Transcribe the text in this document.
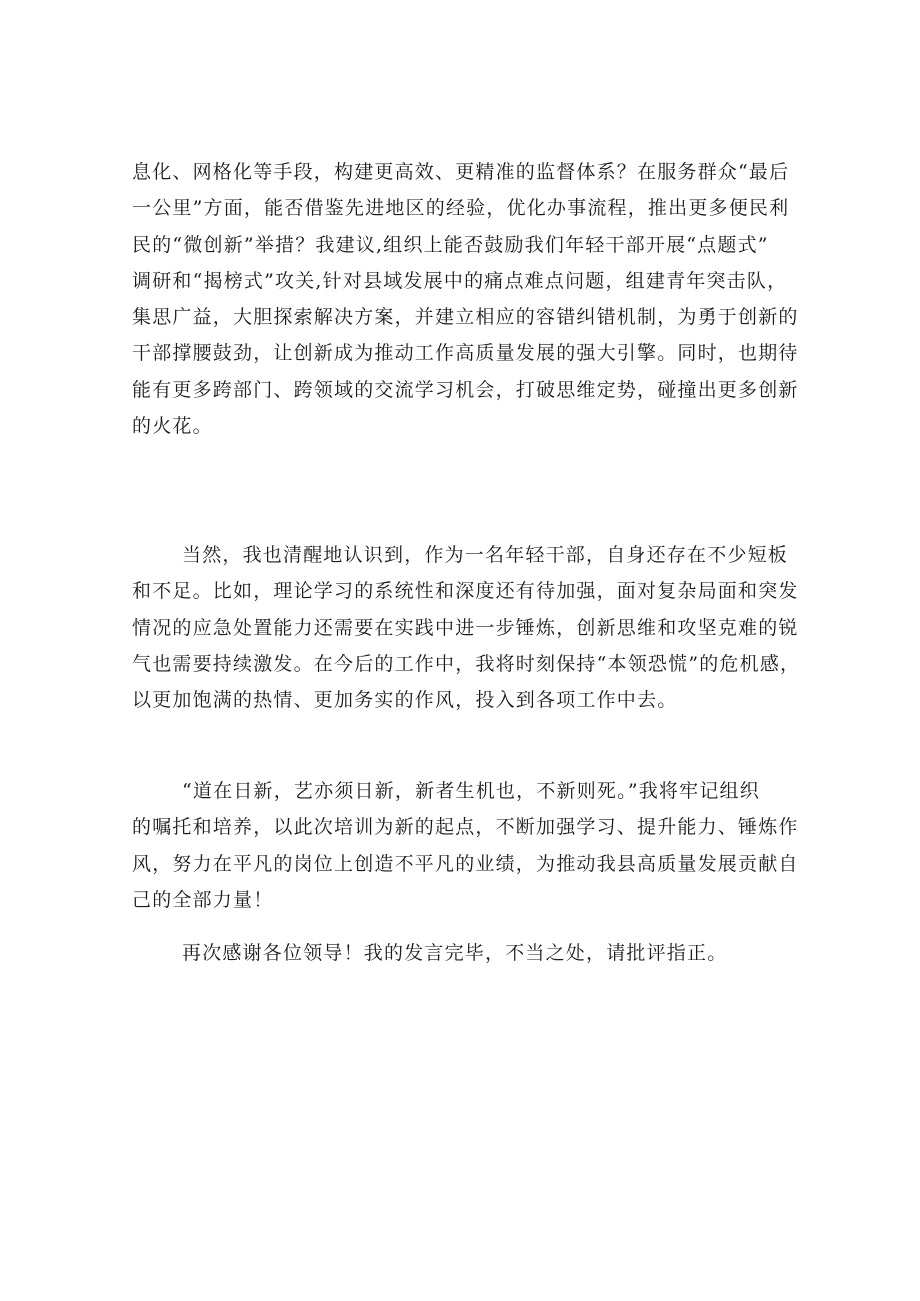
息化、网格化等手段，构建更高效、更精准的监督体系？在服务群众“最后
一公里”方面，能否借鉴先进地区的经验，优化办事流程，推出更多便民利
民的“微创新”举措？我建议,组织上能否鼓励我们年轻干部开展“点题式”
调研和“揭榜式”攻关,针对县域发展中的痛点难点问题，组建青年突击队，
集思广益，大胆探索解决方案，并建立相应的容错纠错机制，为勇于创新的
干部撑腰鼓劲，让创新成为推动工作高质量发展的强大引擎。同时，也期待
能有更多跨部门、跨领域的交流学习机会，打破思维定势，碰撞出更多创新
的火花。
当然，我也清醒地认识到，作为一名年轻干部，自身还存在不少短板
和不足。比如，理论学习的系统性和深度还有待加强，面对复杂局面和突发
情况的应急处置能力还需要在实践中进一步锤炼，创新思维和攻坚克难的锐
气也需要持续激发。在今后的工作中，我将时刻保持“本领恐慌”的危机感，
以更加饱满的热情、更加务实的作风，投入到各项工作中去。
“道在日新，艺亦须日新，新者生机也，不新则死。”我将牢记组织
的嘱托和培养，以此次培训为新的起点，不断加强学习、提升能力、锤炼作
风，努力在平凡的岗位上创造不平凡的业绩，为推动我县高质量发展贡献自
己的全部力量！
再次感谢各位领导！我的发言完毕，不当之处，请批评指正。
